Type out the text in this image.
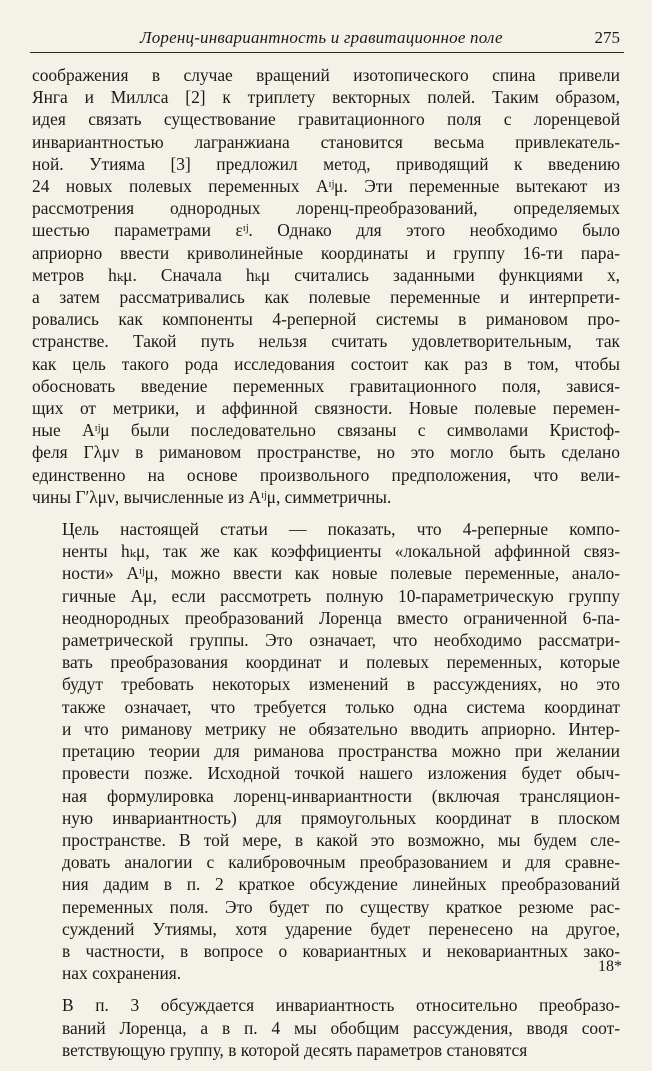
Лоренц-инвариантность и гравитационное поле	275

соображения в случае вращений изотопического спина привели
Янга и Миллса [2] к триплету векторных полей. Таким образом,
идея связать существование гравитационного поля с лоренцевой
инвариантностью лагранжиана становится весьма привлекатель-
ной. Утияма [3] предложил метод, приводящий к введению
24 новых полевых переменных Aᶦʲμ. Эти переменные вытекают из
рассмотрения однородных лоренц-преобразований, определяемых
шестью параметрами εᶦʲ. Однако для этого необходимо было
априорно ввести криволинейные координаты и группу 16-ти пара-
метров hₖμ. Сначала hₖμ считались заданными функциями x,
а затем рассматривались как полевые переменные и интерпрети-
ровались как компоненты 4-реперной системы в римановом про-
странстве. Такой путь нельзя считать удовлетворительным, так
как цель такого рода исследования состоит как раз в том, чтобы
обосновать введение переменных гравитационного поля, завися-
щих от метрики, и аффинной связности. Новые полевые перемен-
ные Aᶦʲμ были последовательно связаны с символами Кристоф-
феля Γλμν в римановом пространстве, но это могло быть сделано
единственно на основе произвольного предположения, что вели-
чины Γ′λμν, вычисленные из Aᶦʲμ, симметричны.

Цель настоящей статьи — показать, что 4-реперные компо-
ненты hₖμ, так же как коэффициенты «локальной аффинной связ-
ности» Aᶦʲμ, можно ввести как новые полевые переменные, анало-
гичные Aμ, если рассмотреть полную 10-параметрическую группу
неоднородных преобразований Лоренца вместо ограниченной 6-па-
раметрической группы. Это означает, что необходимо рассматри-
вать преобразования координат и полевых переменных, которые
будут требовать некоторых изменений в рассуждениях, но это
также означает, что требуется только одна система координат
и что риманову метрику не обязательно вводить априорно. Интер-
претацию теории для риманова пространства можно при желании
провести позже. Исходной точкой нашего изложения будет обыч-
ная формулировка лоренц-инвариантности (включая трансляцион-
ную инвариантность) для прямоугольных координат в плоском
пространстве. В той мере, в какой это возможно, мы будем сле-
довать аналогии с калибровочным преобразованием и для сравне-
ния дадим в п. 2 краткое обсуждение линейных преобразований
переменных поля. Это будет по существу краткое резюме рас-
суждений Утиямы, хотя ударение будет перенесено на другое,
в частности, в вопросе о ковариантных и нековариантных зако-
нах сохранения.

В п. 3 обсуждается инвариантность относительно преобразо-
ваний Лоренца, а в п. 4 мы обобщим рассуждения, вводя соот-
ветствующую группу, в которой десять параметров становятся

18*
